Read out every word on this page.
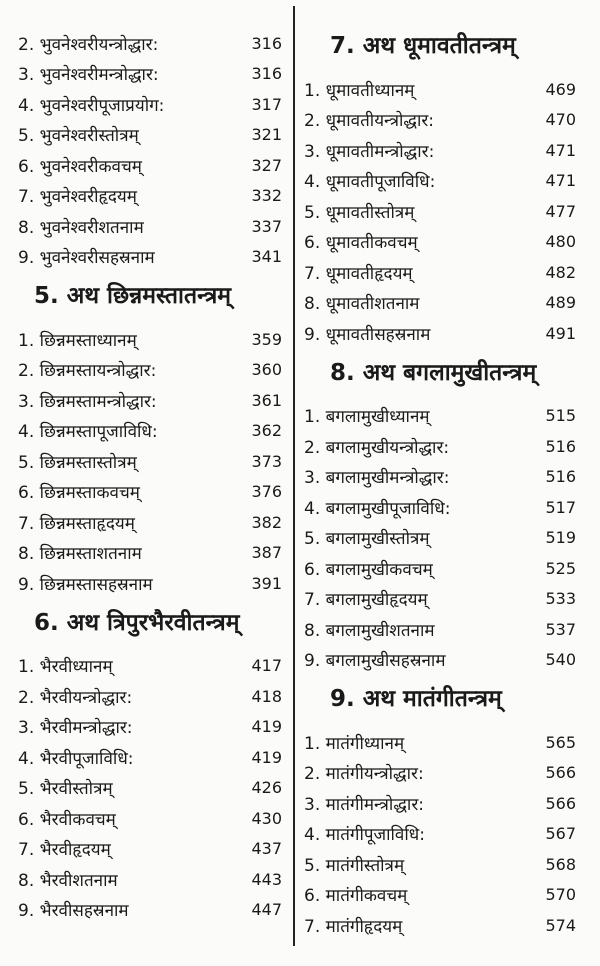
2. भुवनेश्वरीयन्त्रोद्धार:	316
3. भुवनेश्वरीमन्त्रोद्धार:	316
4. भुवनेश्वरीपूजाप्रयोग:	317
5. भुवनेश्वरीस्तोत्रम्	321
6. भुवनेश्वरीकवचम्	327
7. भुवनेश्वरीहृदयम्	332
8. भुवनेश्वरीशतनाम	337
9. भुवनेश्वरीसहस्रनाम	341
5. अथ छिन्नमस्तातन्त्रम्
1. छिन्नमस्ताध्यानम्	359
2. छिन्नमस्तायन्त्रोद्धार:	360
3. छिन्नमस्तामन्त्रोद्धार:	361
4. छिन्नमस्तापूजाविधि:	362
5. छिन्नमस्तास्तोत्रम्	373
6. छिन्नमस्ताकवचम्	376
7. छिन्नमस्ताहृदयम्	382
8. छिन्नमस्ताशतनाम	387
9. छिन्नमस्तासहस्रनाम	391
6. अथ त्रिपुरभैरवीतन्त्रम्
1. भैरवीध्यानम्	417
2. भैरवीयन्त्रोद्धार:	418
3. भैरवीमन्त्रोद्धार:	419
4. भैरवीपूजाविधि:	419
5. भैरवीस्तोत्रम्	426
6. भैरवीकवचम्	430
7. भैरवीहृदयम्	437
8. भैरवीशतनाम	443
9. भैरवीसहस्रनाम	447
7. अथ धूमावतीतन्त्रम्
1. धूमावतीध्यानम्	469
2. धूमावतीयन्त्रोद्धार:	470
3. धूमावतीमन्त्रोद्धार:	471
4. धूमावतीपूजाविधि:	471
5. धूमावतीस्तोत्रम्	477
6. धूमावतीकवचम्	480
7. धूमावतीहृदयम्	482
8. धूमावतीशतनाम	489
9. धूमावतीसहस्रनाम	491
8. अथ बगलामुखीतन्त्रम्
1. बगलामुखीध्यानम्	515
2. बगलामुखीयन्त्रोद्धार:	516
3. बगलामुखीमन्त्रोद्धार:	516
4. बगलामुखीपूजाविधि:	517
5. बगलामुखीस्तोत्रम्	519
6. बगलामुखीकवचम्	525
7. बगलामुखीहृदयम्	533
8. बगलामुखीशतनाम	537
9. बगलामुखीसहस्रनाम	540
9. अथ मातंगीतन्त्रम्
1. मातंगीध्यानम्	565
2. मातंगीयन्त्रोद्धार:	566
3. मातंगीमन्त्रोद्धार:	566
4. मातंगीपूजाविधि:	567
5. मातंगीस्तोत्रम्	568
6. मातंगीकवचम्	570
7. मातंगीहृदयम्	574
